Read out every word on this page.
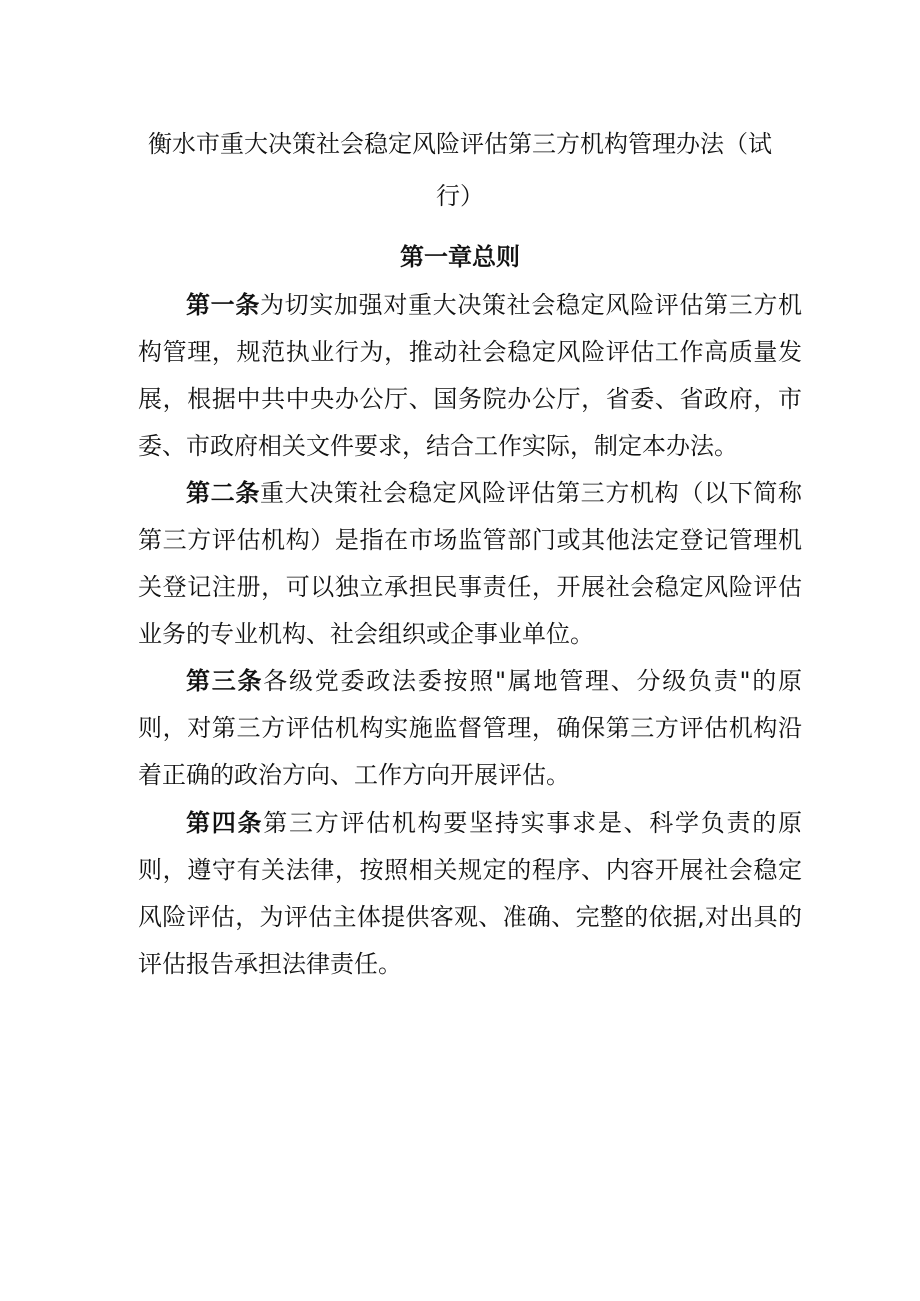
衡水市重大决策社会稳定风险评估第三方机构管理办法（试行）
第一章总则

第一条为切实加强对重大决策社会稳定风险评估第三方机构管理，规范执业行为，推动社会稳定风险评估工作高质量发展，根据中共中央办公厅、国务院办公厅，省委、省政府，市委、市政府相关文件要求，结合工作实际，制定本办法。

第二条重大决策社会稳定风险评估第三方机构（以下简称第三方评估机构）是指在市场监管部门或其他法定登记管理机关登记注册，可以独立承担民事责任，开展社会稳定风险评估业务的专业机构、社会组织或企事业单位。

第三条各级党委政法委按照"属地管理、分级负责"的原则，对第三方评估机构实施监督管理，确保第三方评估机构沿着正确的政治方向、工作方向开展评估。

第四条第三方评估机构要坚持实事求是、科学负责的原则，遵守有关法律，按照相关规定的程序、内容开展社会稳定风险评估，为评估主体提供客观、准确、完整的依据,对出具的评估报告承担法律责任。
